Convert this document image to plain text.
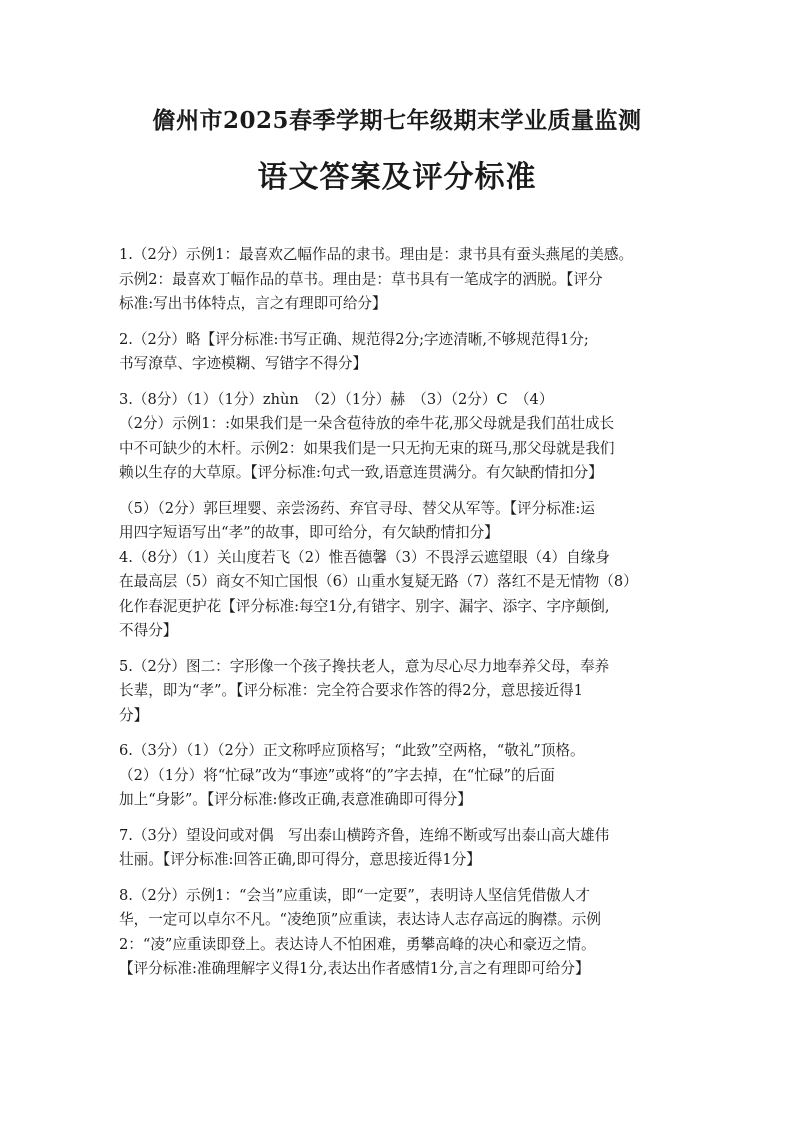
儋州市2025春季学期七年级期末学业质量监测
语文答案及评分标准
1.（2分）示例1：最喜欢乙幅作品的隶书。理由是：隶书具有蚕头燕尾的美感。
示例2：最喜欢丁幅作品的草书。理由是：草书具有一笔成字的洒脱。【评分
标准:写出书体特点，言之有理即可给分】
2.（2分）略【评分标准:书写正确、规范得2分;字迹清晰,不够规范得1分;
书写潦草、字迹模糊、写错字不得分】
3.（8分）（1）（1分）zhùn　（2）（1分）赫　（3）（2分）C　（4）
（2分）示例1：:如果我们是一朵含苞待放的牵牛花,那父母就是我们茁壮成长
中不可缺少的木杆。示例2：如果我们是一只无拘无束的斑马,那父母就是我们
赖以生存的大草原。【评分标准:句式一致,语意连贯满分。有欠缺酌情扣分】
（5）（2分）郭巨埋婴、亲尝汤药、弃官寻母、替父从军等。【评分标准:运
用四字短语写出“孝”的故事，即可给分，有欠缺酌情扣分】
4.（8分）（1）关山度若飞（2）惟吾德馨（3）不畏浮云遮望眼（4）自缘身
在最高层（5）商女不知亡国恨（6）山重水复疑无路（7）落红不是无情物（8）
化作春泥更护花【评分标准:每空1分,有错字、别字、漏字、添字、字序颠倒,
不得分】
5.（2分）图二：字形像一个孩子搀扶老人，意为尽心尽力地奉养父母，奉养
长辈，即为“孝”。【评分标准：完全符合要求作答的得2分，意思接近得1
分】
6.（3分）（1）（2分）正文称呼应顶格写；“此致”空两格，“敬礼”顶格。
（2）（1分）将“忙碌”改为“事迹”或将“的”字去掉，在“忙碌”的后面
加上“身影”。【评分标准:修改正确,表意准确即可得分】
7.（3分）望设问或对偶　写出泰山横跨齐鲁，连绵不断或写出泰山高大雄伟
壮丽。【评分标准:回答正确,即可得分，意思接近得1分】
8.（2分）示例1：“会当”应重读，即“一定要”，表明诗人坚信凭借傲人才
华，一定可以卓尔不凡。“凌绝顶”应重读，表达诗人志存高远的胸襟。示例
2：“凌”应重读即登上。表达诗人不怕困难，勇攀高峰的决心和豪迈之情。
【评分标准:准确理解字义得1分,表达出作者感情1分,言之有理即可给分】
